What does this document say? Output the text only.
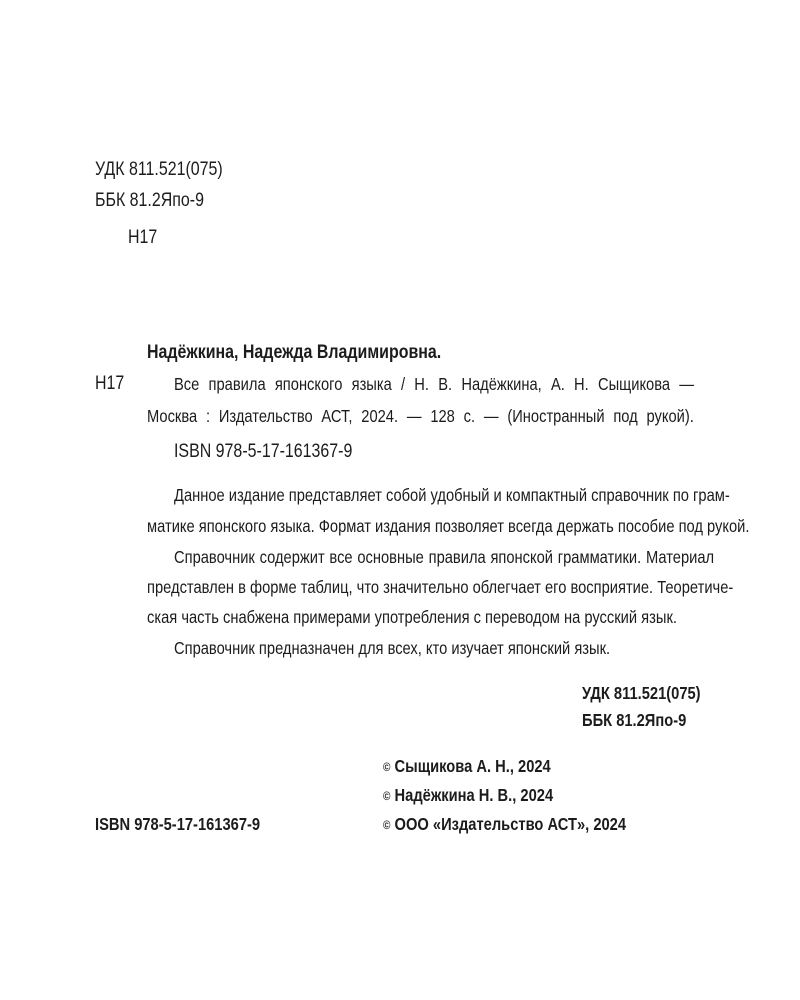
УДК 811.521(075)
ББК 81.2Япо-9
Н17
Надёжкина, Надежда Владимировна.
Н17	Все правила японского языка / Н. В. Надёжкина, А. Н. Сыщикова —
Москва : Издательство АСТ, 2024. — 128 с. — (Иностранный под рукой).
ISBN 978-5-17-161367-9
Данное издание представляет собой удобный и компактный справочник по грам-
матике японского языка. Формат издания позволяет всегда держать пособие под рукой.
Справочник содержит все основные правила японской грамматики. Материал
представлен в форме таблиц, что значительно облегчает его восприятие. Теоретиче-
ская часть снабжена примерами употребления с переводом на русский язык.
Справочник предназначен для всех, кто изучает японский язык.
УДК 811.521(075)
ББК 81.2Япо-9
© Сыщикова А. Н., 2024
© Надёжкина Н. В., 2024
ISBN 978-5-17-161367-9	© ООО «Издательство АСТ», 2024
